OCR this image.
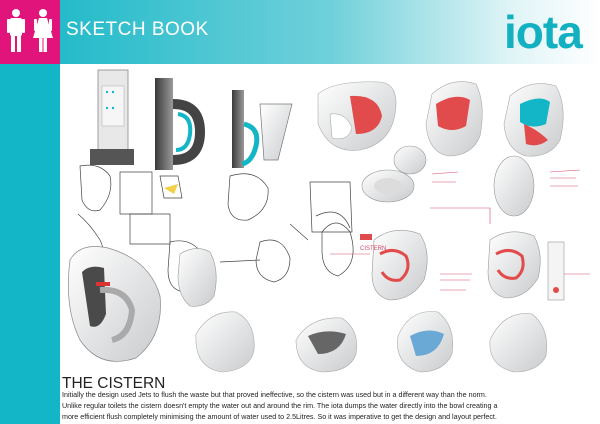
SKETCH BOOK	iota
CISTERN
THE CISTERN

Initially the design used Jets to flush the waste but that proved ineffective, so the cistern was used but in a different way than the norm.

Unlike regular toilets the cistern doesn't empty the water out and around the rim. The iota dumps the water directly into the bowl creating a

more efficient flush completely minimising the amount of water used to 2.5Litres. So it was imperative to get the design and layout perfect.
